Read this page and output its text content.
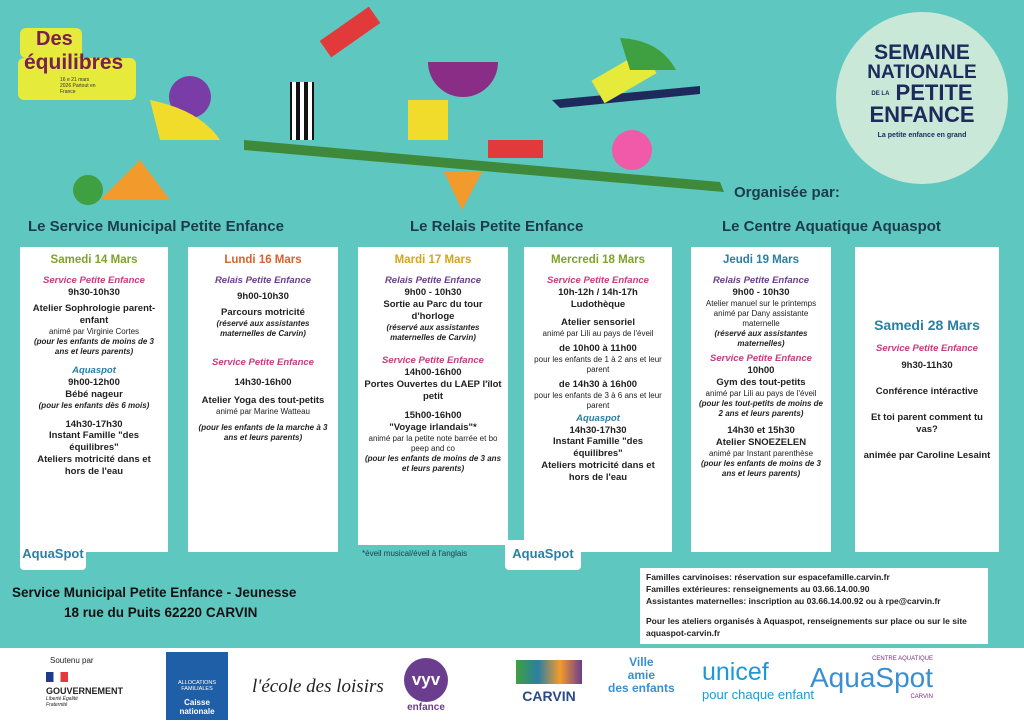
Des
équilibres
16 e 21 mars 2026 Partout en France
SEMAINE
NATIONALE
DE LA PETITE
ENFANCE
La petite enfance en grand
Organisée par:
Le Service Municipal Petite Enfance	Le Relais Petite Enfance	Le Centre Aquatique Aquaspot
Samedi 14 Mars
Service Petite Enfance
9h30-10h30
Atelier Sophrologie parent-enfant
animé par Virginie Cortes
(pour les enfants de moins de 3 ans et leurs parents)
Aquaspot
9h00-12h00
Bébé nageur
(pour les enfants dès 6 mois)
14h30-17h30
Instant Famille "des équilibres"
Ateliers motricité dans et hors de l'eau
Lundi 16 Mars
Relais Petite Enfance
9h00-10h30
Parcours motricité
(réservé aux assistantes maternelles de Carvin)
Service Petite Enfance
14h30-16h00
Atelier Yoga des tout-petits
animé par Marine Watteau
(pour les enfants de la marche à 3 ans et leurs parents)
Mardi 17 Mars
Relais Petite Enfance
9h00 - 10h30
Sortie au Parc du tour d'horloge
(réservé aux assistantes maternelles de Carvin)
Service Petite Enfance
14h00-16h00
Portes Ouvertes du LAEP l'îlot petit
15h00-16h00
"Voyage irlandais"*
animé par la petite note barrée et bo peep and co
(pour les enfants de moins de 3 ans et leurs parents)
*éveil musical/éveil à l'anglais
Mercredi 18 Mars
Service Petite Enfance
10h-12h / 14h-17h
Ludothèque
Atelier sensoriel
animé par Lili au pays de l'éveil
de 10h00 à 11h00
pour les enfants de 1 à 2 ans et leur parent
de 14h30 à 16h00
pour les enfants de 3 à 6 ans et leur parent
Aquaspot
14h30-17h30
Instant Famille "des équilibres"
Ateliers motricité dans et hors de l'eau
Jeudi 19 Mars
Relais Petite Enfance
9h00 - 10h30
Atelier manuel sur le printemps animé par Dany assistante maternelle
(réservé aux assistantes maternelles)
Service Petite Enfance
10h00
Gym des tout-petits
animé par Lili au pays de l'éveil
(pour les tout-petits de moins de 2 ans et leurs parents)
14h30 et 15h30
Atelier SNOEZELEN
animé par Instant parenthèse
(pour les enfants de moins de 3 ans et leurs parents)
Samedi 28 Mars
Service Petite Enfance
9h30-11h30
Conférence intéractive
Et toi parent comment tu vas?
animée par Caroline Lesaint
AquaSpot	AquaSpot
Service Municipal Petite Enfance - Jeunesse
18 rue du Puits 62220 CARVIN
Familles carvinoises: réservation sur espacefamille.carvin.fr
Familles extérieures: renseignements au 03.66.14.00.90
Assistantes maternelles: inscription au 03.66.14.00.92 ou à rpe@carvin.fr
Pour les ateliers organisés à Aquaspot, renseignements sur place ou sur le site aquaspot-carvin.fr
Soutenu par
GOUVERNEMENT
Liberté Égalité Fraternité
ALLOCATIONS FAMILIALES
Caisse nationale
l'école des loisirs	vyv
enfance
CARVIN
Ville
amie
des enfants
unicef
pour chaque enfant
CENTRE AQUATIQUE
AquaSpot
CARVIN
